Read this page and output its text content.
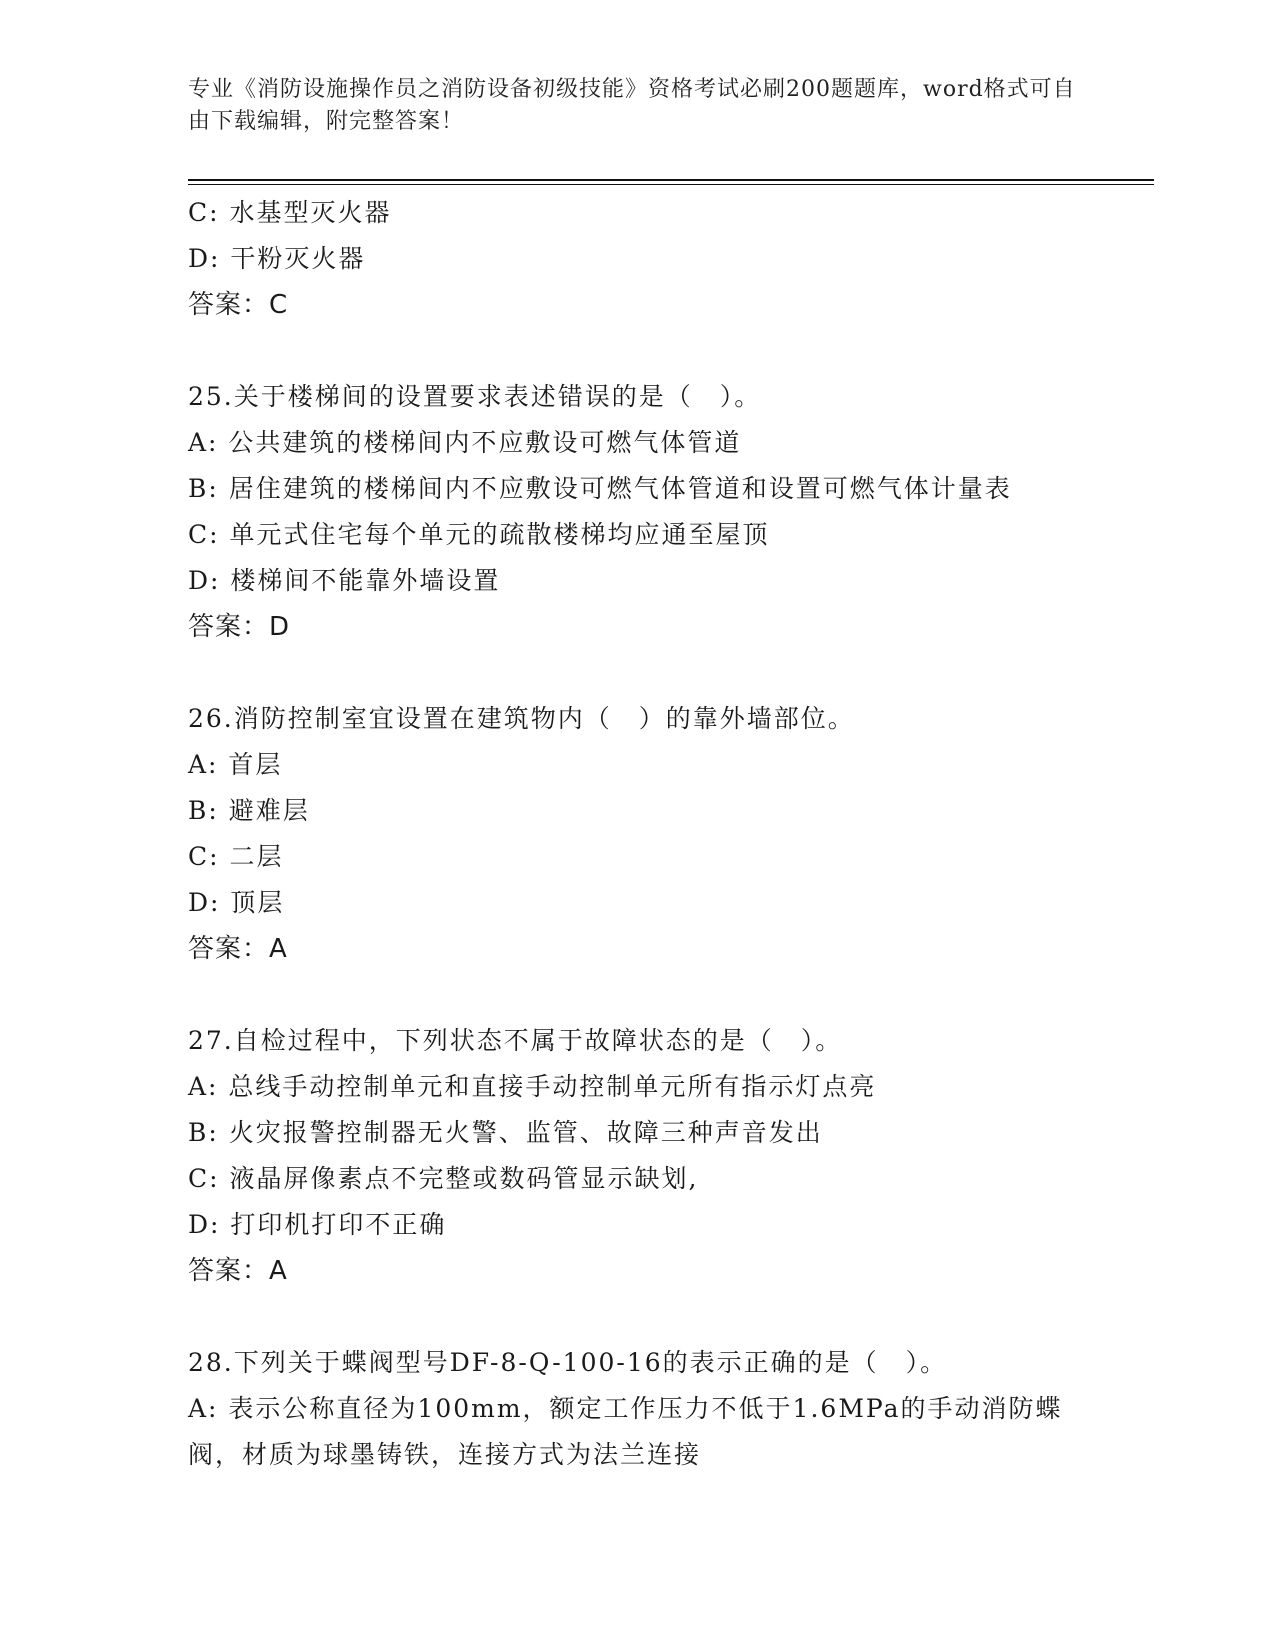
专业《消防设施操作员之消防设备初级技能》资格考试必刷200题题库，word格式可自由下载编辑，附完整答案！
C: 水基型灭火器
D: 干粉灭火器
答案：C
25.关于楼梯间的设置要求表述错误的是（　）。
A: 公共建筑的楼梯间内不应敷设可燃气体管道
B: 居住建筑的楼梯间内不应敷设可燃气体管道和设置可燃气体计量表
C: 单元式住宅每个单元的疏散楼梯均应通至屋顶
D: 楼梯间不能靠外墙设置
答案：D
26.消防控制室宜设置在建筑物内（　）的靠外墙部位。
A: 首层
B: 避难层
C: 二层
D: 顶层
答案：A
27.自检过程中，下列状态不属于故障状态的是（　）。
A: 总线手动控制单元和直接手动控制单元所有指示灯点亮
B: 火灾报警控制器无火警、监管、故障三种声音发出
C: 液晶屏像素点不完整或数码管显示缺划,
D: 打印机打印不正确
答案：A
28.下列关于蝶阀型号DF-8-Q-100-16的表示正确的是（　）。
A: 表示公称直径为100mm，额定工作压力不低于1.6MPa的手动消防蝶阀，材质为球墨铸铁，连接方式为法兰连接
